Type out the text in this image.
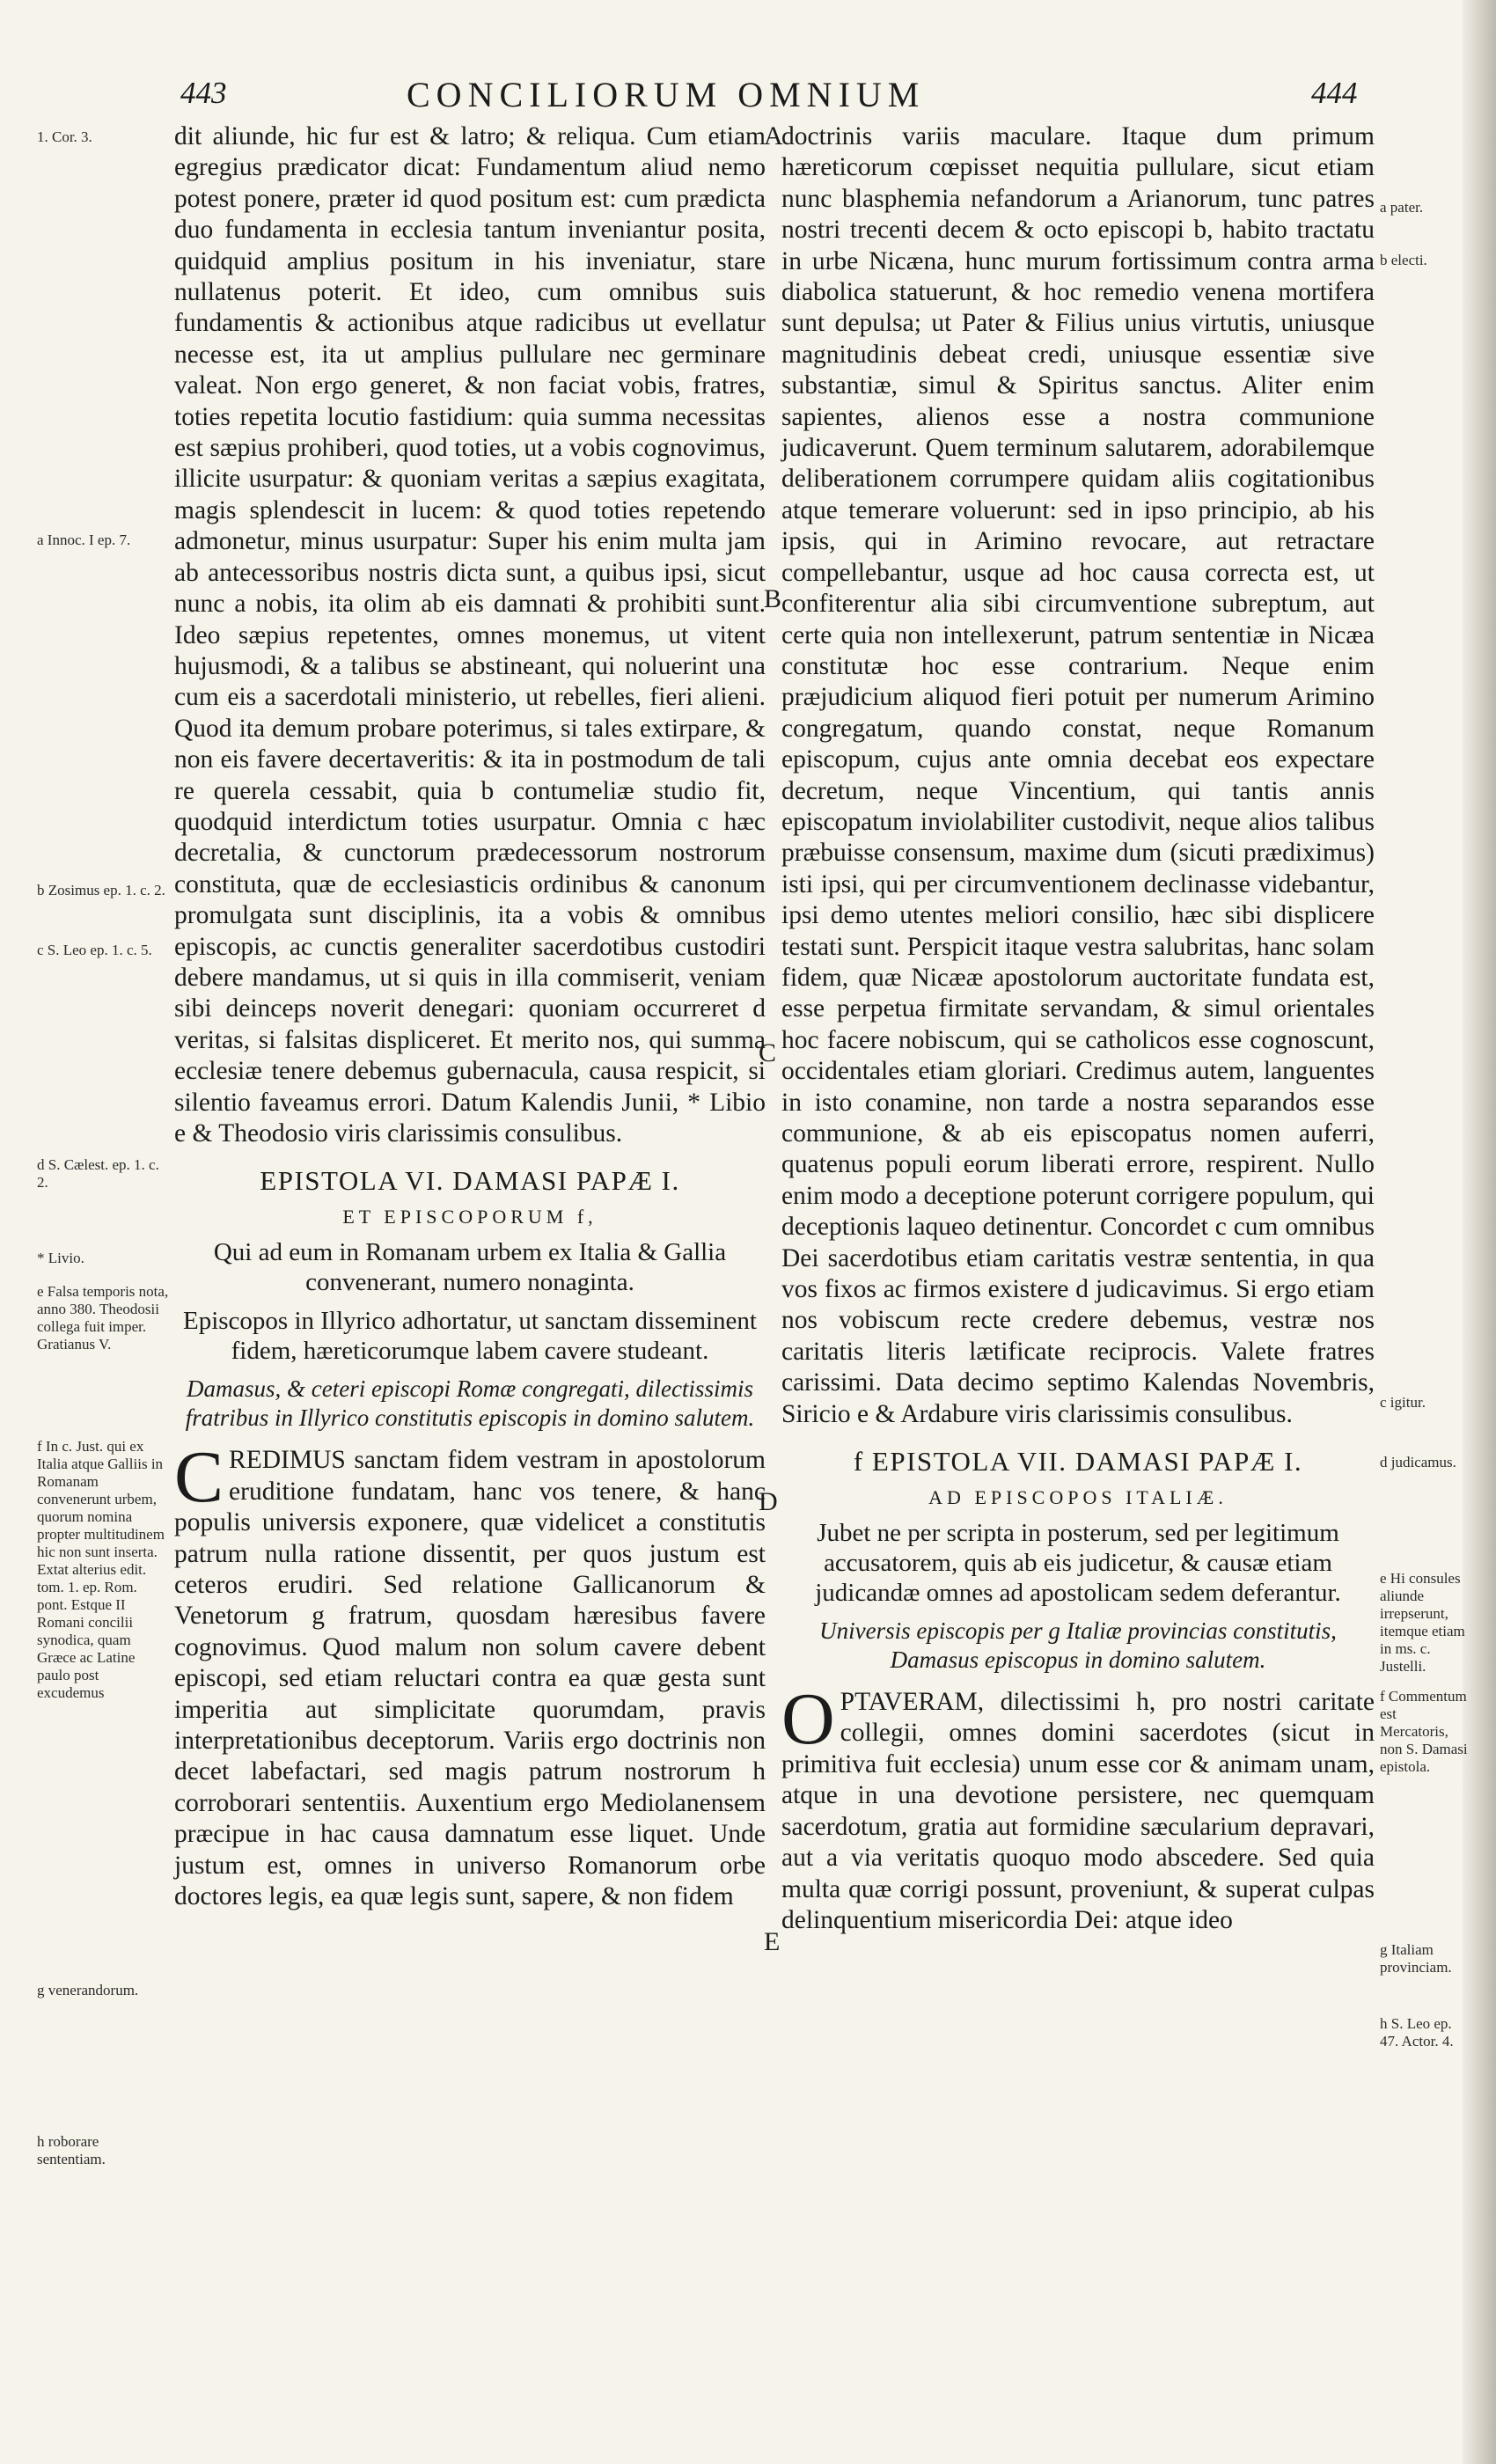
443	CONCILIORUM OMNIUM	444
A
B
C
D
E

dit aliunde, hic fur est & latro; & reliqua. Cum etiam egregius prædicator dicat: Fundamentum aliud nemo potest ponere, præter id quod positum est: cum prædicta duo fundamenta in ecclesia tantum inveniantur posita, quidquid amplius positum in his inveniatur, stare nullatenus poterit. Et ideo, cum omnibus suis fundamentis & actionibus atque radicibus ut evellatur necesse est, ita ut amplius pullulare nec germinare valeat. Non ergo generet, & non faciat vobis, fratres, toties repetita locutio fastidium: quia summa necessitas est sæpius prohiberi, quod toties, ut a vobis cognovimus, illicite usurpatur: & quoniam veritas a sæpius exagitata, magis splendescit in lucem: & quod toties repetendo admonetur, minus usurpatur: Super his enim multa jam ab antecessoribus nostris dicta sunt, a quibus ipsi, sicut nunc a nobis, ita olim ab eis damnati & prohibiti sunt. Ideo sæpius repetentes, omnes monemus, ut vitent hujusmodi, & a talibus se abstineant, qui noluerint una cum eis a sacerdotali ministerio, ut rebelles, fieri alieni. Quod ita demum probare poterimus, si tales extirpare, & non eis favere decertaveritis: & ita in postmodum de tali re querela cessabit, quia b contumeliæ studio fit, quodquid interdictum toties usurpatur. Omnia c hæc decretalia, & cunctorum prædecessorum nostrorum constituta, quæ de ecclesiasticis ordinibus & canonum promulgata sunt disciplinis, ita a vobis & omnibus episcopis, ac cunctis generaliter sacerdotibus custodiri debere mandamus, ut si quis in illa commiserit, veniam sibi deinceps noverit denegari: quoniam occurreret d veritas, si falsitas displiceret. Et merito nos, qui summa ecclesiæ tenere debemus gubernacula, causa respicit, si silentio faveamus errori. Datum Kalendis Junii, * Libio e & Theodosio viris clarissimis consulibus.

EPISTOLA VI. DAMASI PAPÆ I.
ET EPISCOPORUM f,
Qui ad eum in Romanam urbem ex Italia & Gallia convenerant, numero nonaginta.
Episcopos in Illyrico adhortatur, ut sanctam disseminent fidem, hæreticorumque labem cavere studeant.
Damasus, & ceteri episcopi Romæ congregati, dilectissimis fratribus in Illyrico constitutis episcopis in domino salutem.

CREDIMUS sanctam fidem vestram in apostolorum eruditione fundatam, hanc vos tenere, & hanc populis universis exponere, quæ videlicet a constitutis patrum nulla ratione dissentit, per quos justum est ceteros erudiri. Sed relatione Gallicanorum & Venetorum g fratrum, quosdam hæresibus favere cognovimus. Quod malum non solum cavere debent episcopi, sed etiam reluctari contra ea quæ gesta sunt imperitia aut simplicitate quorumdam, pravis interpretationibus deceptorum. Variis ergo doctrinis non decet labefactari, sed magis patrum nostrorum h corroborari sententiis. Auxentium ergo Mediolanensem præcipue in hac causa damnatum esse liquet. Unde justum est, omnes in universo Romanorum orbe doctores legis, ea quæ legis sunt, sapere, & non fidem

doctrinis variis maculare. Itaque dum primum hæreticorum cœpisset nequitia pullulare, sicut etiam nunc blasphemia nefandorum a Arianorum, tunc patres nostri trecenti decem & octo episcopi b, habito tractatu in urbe Nicæna, hunc murum fortissimum contra arma diabolica statuerunt, & hoc remedio venena mortifera sunt depulsa; ut Pater & Filius unius virtutis, uniusque magnitudinis debeat credi, uniusque essentiæ sive substantiæ, simul & Spiritus sanctus. Aliter enim sapientes, alienos esse a nostra communione judicaverunt. Quem terminum salutarem, adorabilemque deliberationem corrumpere quidam aliis cogitationibus atque temerare voluerunt: sed in ipso principio, ab his ipsis, qui in Arimino revocare, aut retractare compellebantur, usque ad hoc causa correcta est, ut confiterentur alia sibi circumventione subreptum, aut certe quia non intellexerunt, patrum sententiæ in Nicæa constitutæ hoc esse contrarium. Neque enim præjudicium aliquod fieri potuit per numerum Arimino congregatum, quando constat, neque Romanum episcopum, cujus ante omnia decebat eos expectare decretum, neque Vincentium, qui tantis annis episcopatum inviolabiliter custodivit, neque alios talibus præbuisse consensum, maxime dum (sicuti prædiximus) isti ipsi, qui per circumventionem declinasse videbantur, ipsi demo utentes meliori consilio, hæc sibi displicere testati sunt. Perspicit itaque vestra salubritas, hanc solam fidem, quæ Nicææ apostolorum auctoritate fundata est, esse perpetua firmitate servandam, & simul orientales hoc facere nobiscum, qui se catholicos esse cognoscunt, occidentales etiam gloriari. Credimus autem, languentes in isto conamine, non tarde a nostra separandos esse communione, & ab eis episcopatus nomen auferri, quatenus populi eorum liberati errore, respirent. Nullo enim modo a deceptione poterunt corrigere populum, qui deceptionis laqueo detinentur. Concordet c cum omnibus Dei sacerdotibus etiam caritatis vestræ sententia, in qua vos fixos ac firmos existere d judicavimus. Si ergo etiam nos vobiscum recte credere debemus, vestræ nos caritatis literis lætificate reciprocis. Valete fratres carissimi. Data decimo septimo Kalendas Novembris, Siricio e & Ardabure viris clarissimis consulibus.

f EPISTOLA VII. DAMASI PAPÆ I.
AD EPISCOPOS ITALIÆ.
Jubet ne per scripta in posterum, sed per legitimum accusatorem, quis ab eis judicetur, & causæ etiam judicandæ omnes ad apostolicam sedem deferantur.
Universis episcopis per g Italiæ provincias constitutis, Damasus episcopus in domino salutem.

OPTAVERAM, dilectissimi h, pro nostri caritate collegii, omnes domini sacerdotes (sicut in primitiva fuit ecclesia) unum esse cor & animam unam, atque in una devotione persistere, nec quemquam sacerdotum, gratia aut formidine sæcularium depravari, aut a via veritatis quoquo modo abscedere. Sed quia multa quæ corrigi possunt, proveniunt, & superat culpas delinquentium misericordia Dei: atque ideo

1. Cor. 3.
a Innoc. I ep. 7.
b Zosimus ep. 1. c. 2.
c S. Leo ep. 1. c. 5.
d S. Cælest. ep. 1. c. 2.
* Livio.
e Falsa temporis nota, anno 380. Theodosii collega fuit imper. Gratianus V.
f In c. Just. qui ex Italia atque Galliis in Romanam convenerunt urbem, quorum nomina propter multitudinem hic non sunt inserta. Extat alterius edit. tom. 1. ep. Rom. pont. Estque II Romani concilii synodica, quam Græce ac Latine paulo post excudemus
g venerandorum.
h roborare sententiam.
a pater.
b electi.
c igitur.
d judicamus.
e Hi consules aliunde irrepserunt, itemque etiam in ms. c. Justelli.
f Commentum est Mercatoris, non S. Damasi epistola.
g Italiam provinciam.
h S. Leo ep. 47. Actor. 4.
